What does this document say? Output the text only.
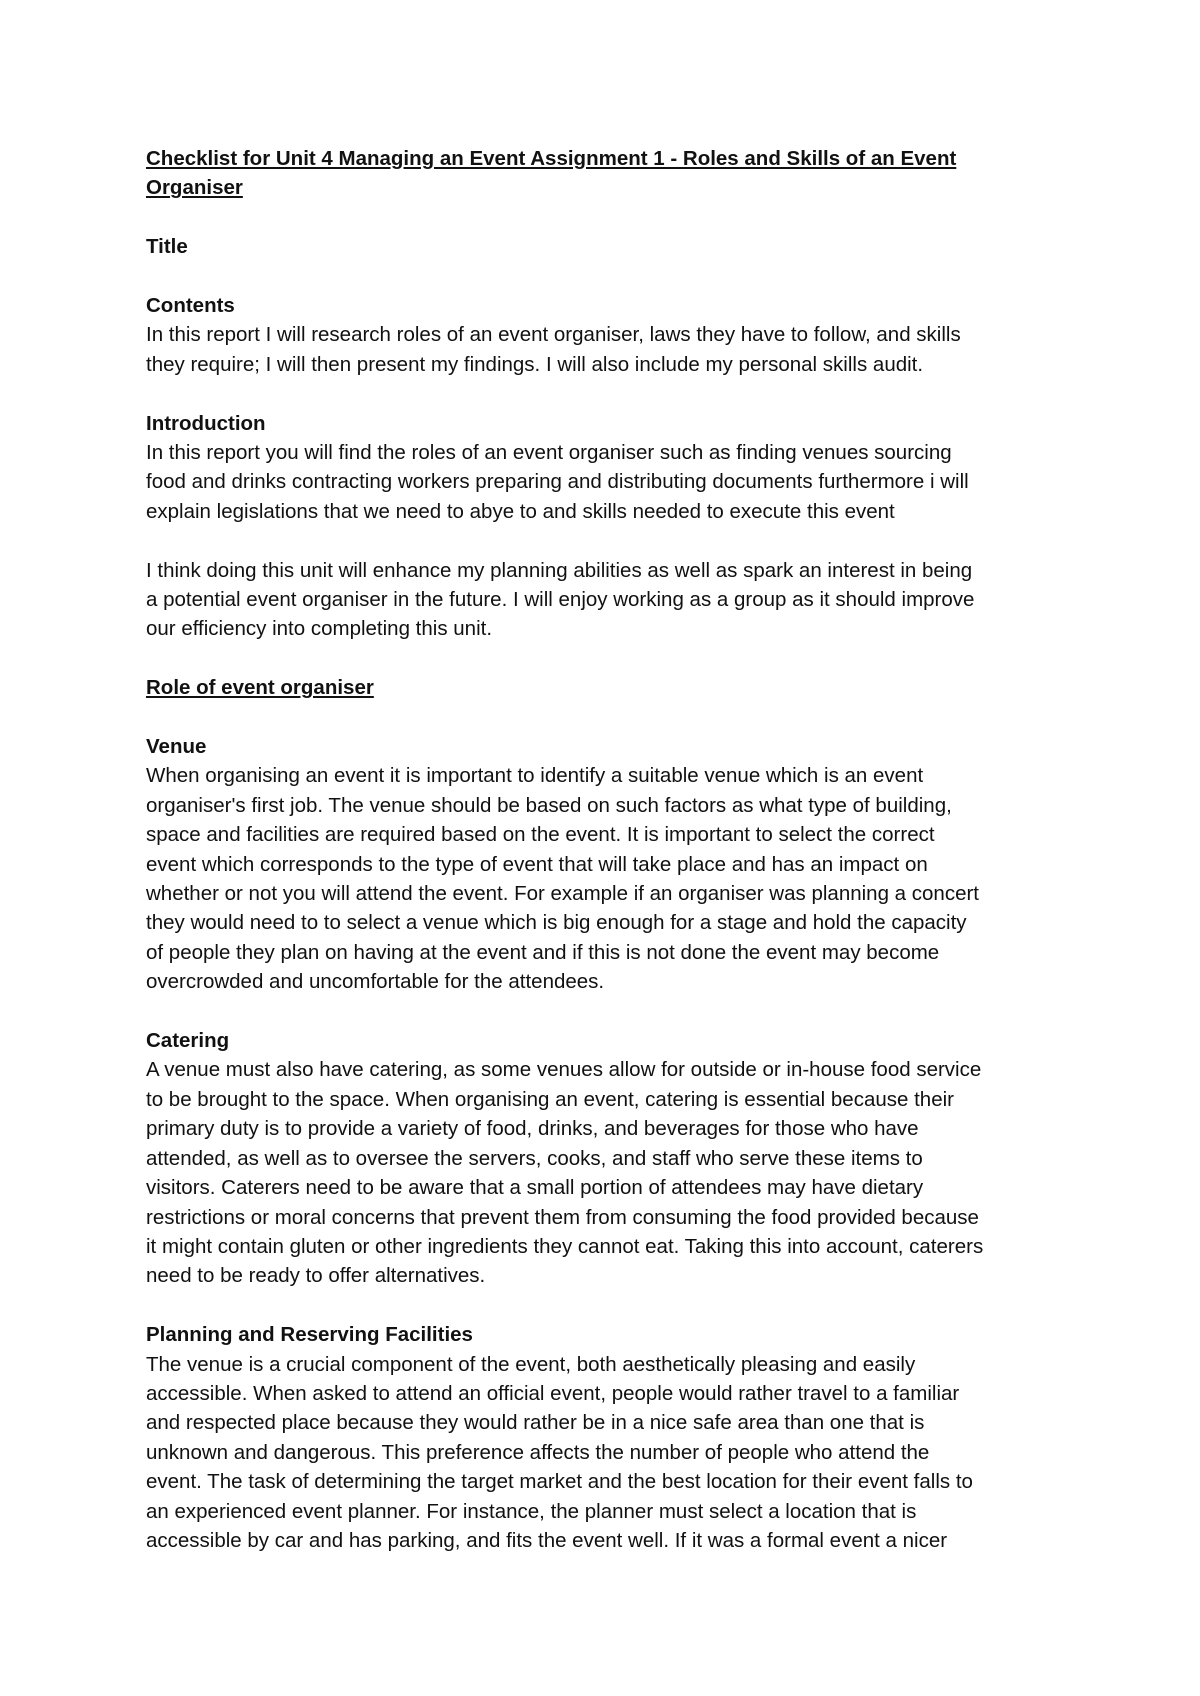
Checklist for Unit 4 Managing an Event Assignment 1 - Roles and Skills of an Event
Organiser
Title
Contents
In this report I will research roles of an event organiser, laws they have to follow, and skills
they require; I will then present my findings. I will also include my personal skills audit.
Introduction
In this report you will find the roles of an event organiser such as finding venues sourcing
food and drinks contracting workers preparing and distributing documents furthermore i will
explain legislations that we need to abye to and skills needed to execute this event
I think doing this unit will enhance my planning abilities as well as spark an interest in being
a potential event organiser in the future. I will enjoy working as a group as it should improve
our efficiency into completing this unit.
Role of event organiser
Venue
When organising an event it is important to identify a suitable venue which is an event
organiser's first job. The venue should be based on such factors as what type of building,
space and facilities are required based on the event. It is important to select the correct
event which corresponds to the type of event that will take place and has an impact on
whether or not you will attend the event. For example if an organiser was planning a concert
they would need to to select a venue which is big enough for a stage and hold the capacity
of people they plan on having at the event and if this is not done the event may become
overcrowded and uncomfortable for the attendees.
Catering
A venue must also have catering, as some venues allow for outside or in-house food service
to be brought to the space. When organising an event, catering is essential because their
primary duty is to provide a variety of food, drinks, and beverages for those who have
attended, as well as to oversee the servers, cooks, and staff who serve these items to
visitors. Caterers need to be aware that a small portion of attendees may have dietary
restrictions or moral concerns that prevent them from consuming the food provided because
it might contain gluten or other ingredients they cannot eat. Taking this into account, caterers
need to be ready to offer alternatives.
Planning and Reserving Facilities
The venue is a crucial component of the event, both aesthetically pleasing and easily
accessible. When asked to attend an official event, people would rather travel to a familiar
and respected place because they would rather be in a nice safe area than one that is
unknown and dangerous. This preference affects the number of people who attend the
event. The task of determining the target market and the best location for their event falls to
an experienced event planner. For instance, the planner must select a location that is
accessible by car and has parking, and fits the event well. If it was a formal event a nicer
